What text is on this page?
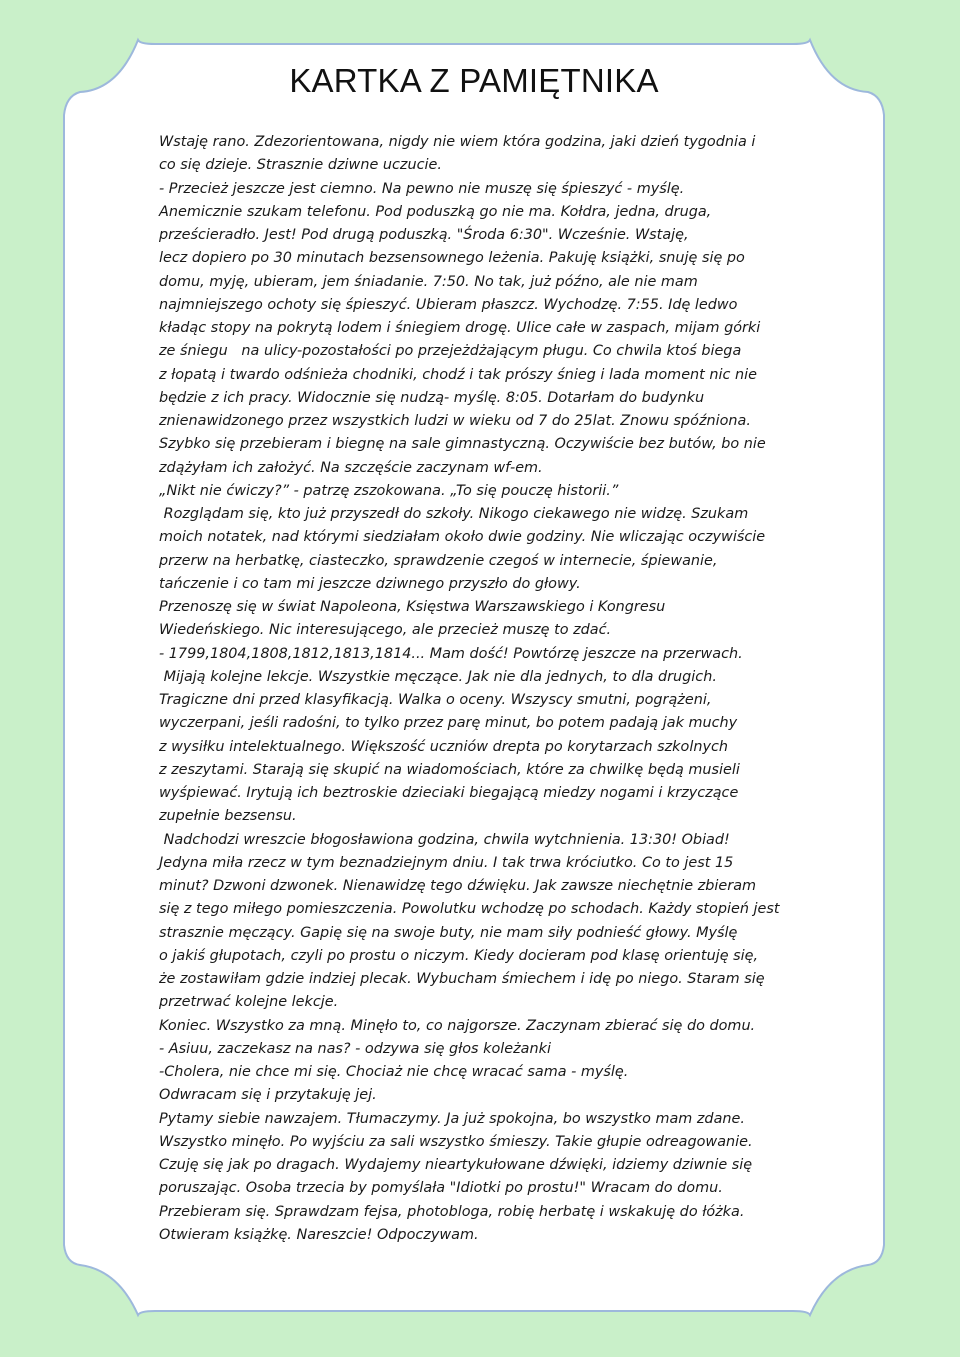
KARTKA Z PAMIĘTNIKA
Wstaję rano. Zdezorientowana, nigdy nie wiem która godzina, jaki dzień tygodnia i
co się dzieje. Strasznie dziwne uczucie.
- Przecież jeszcze jest ciemno. Na pewno nie muszę się śpieszyć - myślę.
Anemicznie szukam telefonu. Pod poduszką go nie ma. Kołdra, jedna, druga,
prześcieradło. Jest! Pod drugą poduszką. "Środa 6:30". Wcześnie. Wstaję,
lecz dopiero po 30 minutach bezsensownego leżenia. Pakuję książki, snuję się po
domu, myję, ubieram, jem śniadanie. 7:50. No tak, już późno, ale nie mam
najmniejszego ochoty się śpieszyć. Ubieram płaszcz. Wychodzę. 7:55. Idę ledwo
kładąc stopy na pokrytą lodem i śniegiem drogę. Ulice całe w zaspach, mijam górki
ze śniegu   na ulicy-pozostałości po przejeżdżającym pługu. Co chwila ktoś biega
z łopatą i twardo odśnieża chodniki, chodź i tak prószy śnieg i lada moment nic nie
będzie z ich pracy. Widocznie się nudzą- myślę. 8:05. Dotarłam do budynku
znienawidzonego przez wszystkich ludzi w wieku od 7 do 25lat. Znowu spóźniona.
Szybko się przebieram i biegnę na sale gimnastyczną. Oczywiście bez butów, bo nie
zdążyłam ich założyć. Na szczęście zaczynam wf-em.
„Nikt nie ćwiczy?” - patrzę zszokowana. „To się pouczę historii.”
Rozglądam się, kto już przyszedł do szkoły. Nikogo ciekawego nie widzę. Szukam
moich notatek, nad którymi siedziałam około dwie godziny. Nie wliczając oczywiście
przerw na herbatkę, ciasteczko, sprawdzenie czegoś w internecie, śpiewanie,
tańczenie i co tam mi jeszcze dziwnego przyszło do głowy.
Przenoszę się w świat Napoleona, Księstwa Warszawskiego i Kongresu
Wiedeńskiego. Nic interesującego, ale przecież muszę to zdać.
- 1799,1804,1808,1812,1813,1814... Mam dość! Powtórzę jeszcze na przerwach.
Mijają kolejne lekcje. Wszystkie męczące. Jak nie dla jednych, to dla drugich.
Tragiczne dni przed klasyfikacją. Walka o oceny. Wszyscy smutni, pogrążeni,
wyczerpani, jeśli radośni, to tylko przez parę minut, bo potem padają jak muchy
z wysiłku intelektualnego. Większość uczniów drepta po korytarzach szkolnych
z zeszytami. Starają się skupić na wiadomościach, które za chwilkę będą musieli
wyśpiewać. Irytują ich beztroskie dzieciaki biegającą miedzy nogami i krzyczące
zupełnie bezsensu.
Nadchodzi wreszcie błogosławiona godzina, chwila wytchnienia. 13:30! Obiad!
Jedyna miła rzecz w tym beznadziejnym dniu. I tak trwa króciutko. Co to jest 15
minut? Dzwoni dzwonek. Nienawidzę tego dźwięku. Jak zawsze niechętnie zbieram
się z tego miłego pomieszczenia. Powolutku wchodzę po schodach. Każdy stopień jest
strasznie męczący. Gapię się na swoje buty, nie mam siły podnieść głowy. Myślę
o jakiś głupotach, czyli po prostu o niczym. Kiedy docieram pod klasę orientuję się,
że zostawiłam gdzie indziej plecak. Wybucham śmiechem i idę po niego. Staram się
przetrwać kolejne lekcje.
Koniec. Wszystko za mną. Minęło to, co najgorsze. Zaczynam zbierać się do domu.
- Asiuu, zaczekasz na nas? - odzywa się głos koleżanki
-Cholera, nie chce mi się. Chociaż nie chcę wracać sama - myślę.
Odwracam się i przytakuję jej.
Pytamy siebie nawzajem. Tłumaczymy. Ja już spokojna, bo wszystko mam zdane.
Wszystko minęło. Po wyjściu za sali wszystko śmieszy. Takie głupie odreagowanie.
Czuję się jak po dragach. Wydajemy nieartykułowane dźwięki, idziemy dziwnie się
poruszając. Osoba trzecia by pomyślała "Idiotki po prostu!" Wracam do domu.
Przebieram się. Sprawdzam fejsa, photobloga, robię herbatę i wskakuję do łóżka.
Otwieram książkę. Nareszcie! Odpoczywam.
